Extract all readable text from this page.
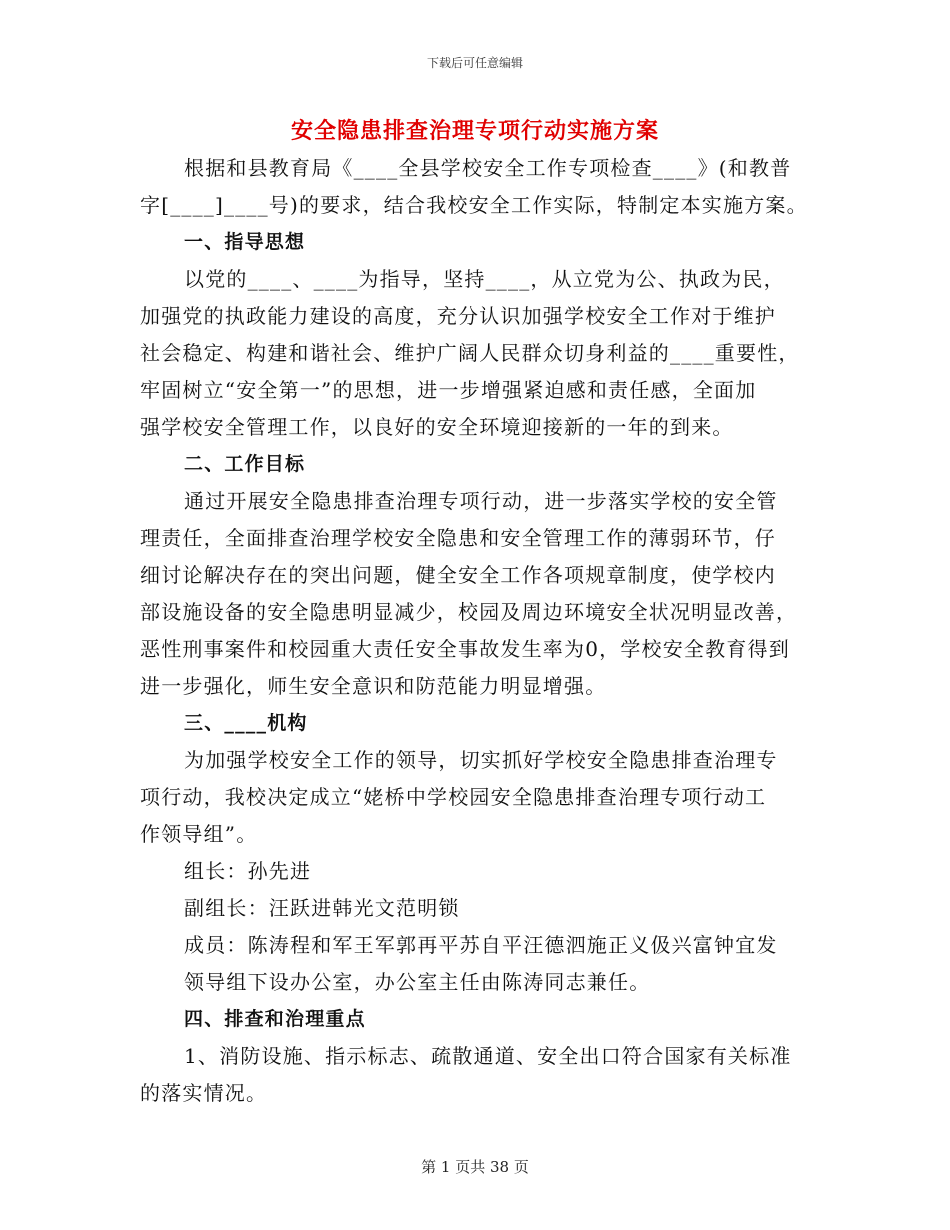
下载后可任意编辑
安全隐患排查治理专项行动实施方案
根据和县教育局《____全县学校安全工作专项检查____》(和教普
字[____]____号)的要求，结合我校安全工作实际，特制定本实施方案。
一、指导思想
以党的____、____为指导，坚持____，从立党为公、执政为民，
加强党的执政能力建设的高度，充分认识加强学校安全工作对于维护
社会稳定、构建和谐社会、维护广阔人民群众切身利益的____重要性，
牢固树立“安全第一”的思想，进一步增强紧迫感和责任感，全面加
强学校安全管理工作，以良好的安全环境迎接新的一年的到来。
二、工作目标
通过开展安全隐患排查治理专项行动，进一步落实学校的安全管
理责任，全面排查治理学校安全隐患和安全管理工作的薄弱环节，仔
细讨论解决存在的突出问题，健全安全工作各项规章制度，使学校内
部设施设备的安全隐患明显减少，校园及周边环境安全状况明显改善，
恶性刑事案件和校园重大责任安全事故发生率为0，学校安全教育得到
进一步强化，师生安全意识和防范能力明显增强。
三、____机构
为加强学校安全工作的领导，切实抓好学校安全隐患排查治理专
项行动，我校决定成立“姥桥中学校园安全隐患排查治理专项行动工
作领导组”。
组长：孙先进
副组长：汪跃进韩光文范明锁
成员：陈涛程和军王军郭再平苏自平汪德泗施正义伋兴富钟宜发
领导组下设办公室，办公室主任由陈涛同志兼任。
四、排查和治理重点
1、消防设施、指示标志、疏散通道、安全出口符合国家有关标准
的落实情况。
第 1 页共 38 页
